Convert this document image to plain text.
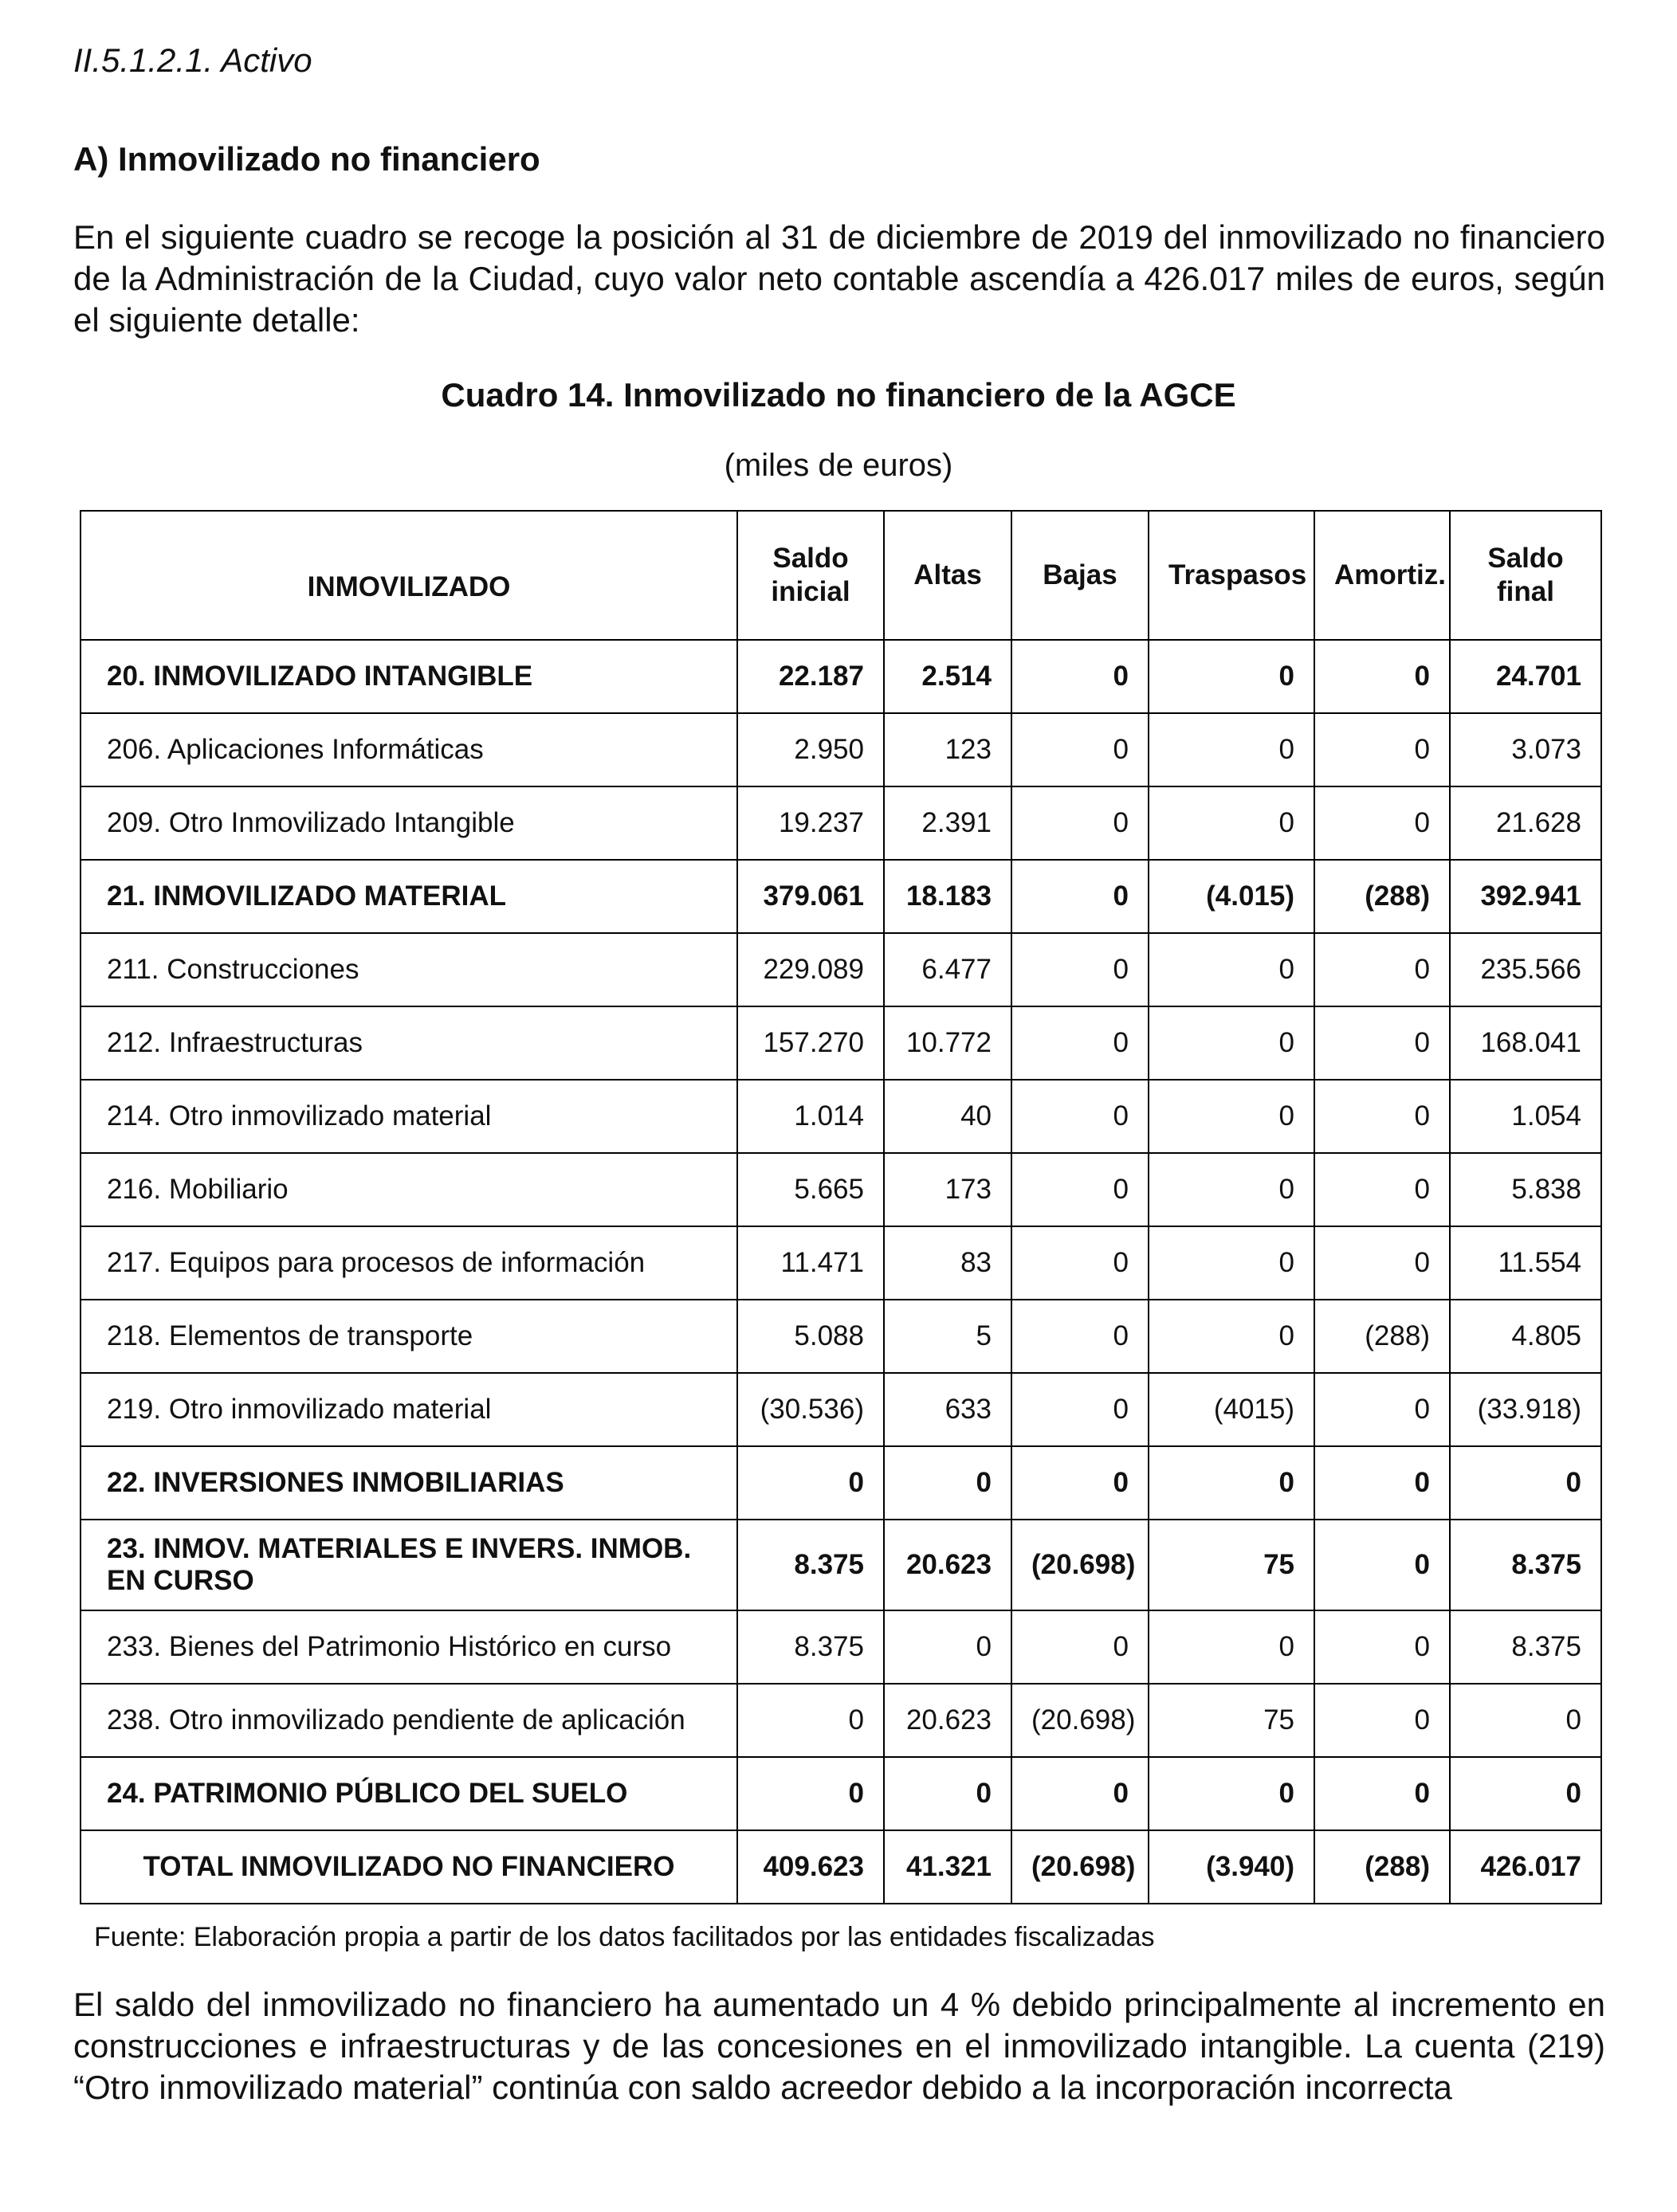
II.5.1.2.1. Activo
A) Inmovilizado no financiero

En el siguiente cuadro se recoge la posición al 31 de diciembre de 2019 del inmovilizado no financiero de la Administración de la Ciudad, cuyo valor neto contable ascendía a 426.017 miles de euros, según el siguiente detalle:

Cuadro 14. Inmovilizado no financiero de la AGCE
(miles de euros)
INMOVILIZADO	Saldo inicial	Altas	Bajas	Traspasos	Amortiz.	Saldo final
20. INMOVILIZADO INTANGIBLE	22.187	2.514	0	0	0	24.701
206. Aplicaciones Informáticas	2.950	123	0	0	0	3.073
209. Otro Inmovilizado Intangible	19.237	2.391	0	0	0	21.628
21. INMOVILIZADO MATERIAL	379.061	18.183	0	(4.015)	(288)	392.941
211. Construcciones	229.089	6.477	0	0	0	235.566
212. Infraestructuras	157.270	10.772	0	0	0	168.041
214. Otro inmovilizado material	1.014	40	0	0	0	1.054
216. Mobiliario	5.665	173	0	0	0	5.838
217. Equipos para procesos de información	11.471	83	0	0	0	11.554
218. Elementos de transporte	5.088	5	0	0	(288)	4.805
219. Otro inmovilizado material	(30.536)	633	0	(4015)	0	(33.918)
22. INVERSIONES INMOBILIARIAS	0	0	0	0	0	0
23. INMOV. MATERIALES E INVERS. INMOB. EN CURSO	8.375	20.623	(20.698)	75	0	8.375
233. Bienes del Patrimonio Histórico en curso	8.375	0	0	0	0	8.375
238. Otro inmovilizado pendiente de aplicación	0	20.623	(20.698)	75	0	0
24. PATRIMONIO PÚBLICO DEL SUELO	0	0	0	0	0	0
TOTAL INMOVILIZADO NO FINANCIERO	409.623	41.321	(20.698)	(3.940)	(288)	426.017
Fuente: Elaboración propia a partir de los datos facilitados por las entidades fiscalizadas

El saldo del inmovilizado no financiero ha aumentado un 4 % debido principalmente al incremento en construcciones e infraestructuras y de las concesiones en el inmovilizado intangible. La cuenta (219) “Otro inmovilizado material” continúa con saldo acreedor debido a la incorporación incorrecta
